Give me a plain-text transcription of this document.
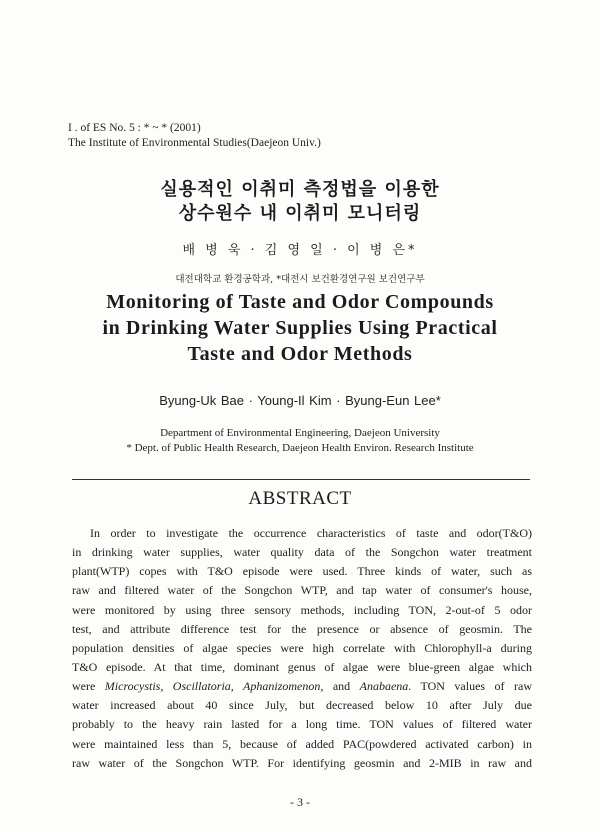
I . of ES No. 5 : * ~ * (2001)
The Institute of Environmental Studies(Daejeon Univ.)
실용적인 이취미 측정법을 이용한
상수원수 내 이취미 모니터링
배 병 욱 · 김 영 일 · 이 병 은*
대전대학교 환경공학과, *대전시 보건환경연구원 보건연구부
Monitoring of Taste and Odor Compounds
in Drinking Water Supplies Using Practical
Taste and Odor Methods
Byung-Uk Bae · Young-Il Kim · Byung-Eun Lee*
Department of Environmental Engineering, Daejeon University
* Dept. of Public Health Research, Daejeon Health Environ. Research Institute
ABSTRACT
In order to investigate the occurrence characteristics of taste and odor(T&O)
in drinking water supplies, water quality data of the Songchon water treatment
plant(WTP) copes with T&O episode were used. Three kinds of water, such as
raw and filtered water of the Songchon WTP, and tap water of consumer's house,
were monitored by using three sensory methods, including TON, 2-out-of 5 odor
test, and attribute difference test for the presence or absence of geosmin. The
population densities of algae species were high correlate with Chlorophyll-a during
T&O episode. At that time, dominant genus of algae were blue-green algae which
were Microcystis, Oscillatoria, Aphanizomenon, and Anabaena. TON values of raw
water increased about 40 since July, but decreased below 10 after July due
probably to the heavy rain lasted for a long time. TON values of filtered water
were maintained less than 5, because of added PAC(powdered activated carbon) in
raw water of the Songchon WTP. For identifying geosmin and 2-MIB in raw and
- 3 -
